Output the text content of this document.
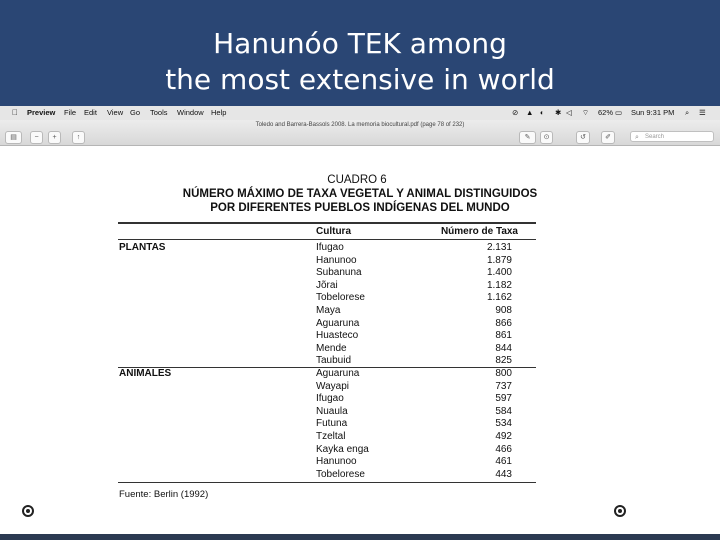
Hanunóo TEK among
the most extensive in world
Preview File Edit View Go Tools Window Help	⊘ ▲ ◐ ✱ ◁ ⌔ 62% ▭ Sun 9:31 PM ⌕ ☰
Toledo and Barrera-Bassols 2008. La memoria biocultural.pdf (page 78 of 232)
▤	−	+	↑	✎	⊙	↺	✐	⌕ Search
CUADRO 6
NÚMERO MÁXIMO DE TAXA VEGETAL Y ANIMAL DISTINGUIDOS
POR DIFERENTES PUEBLOS INDÍGENAS DEL MUNDO
Cultura	Número de Taxa
PLANTAS	Ifugao	2.131
Hanunoo	1.879
Subanuna	1.400
Jõrai	1.182
Tobelorese	1.162
Maya	908
Aguaruna	866
Huasteco	861
Mende	844
Taubuid	825
ANIMALES	Aguaruna	800
Wayapi	737
Ifugao	597
Nuaula	584
Futuna	534
Tzeltal	492
Kayka enga	466
Hanunoo	461
Tobelorese	443
Fuente: Berlin (1992)
